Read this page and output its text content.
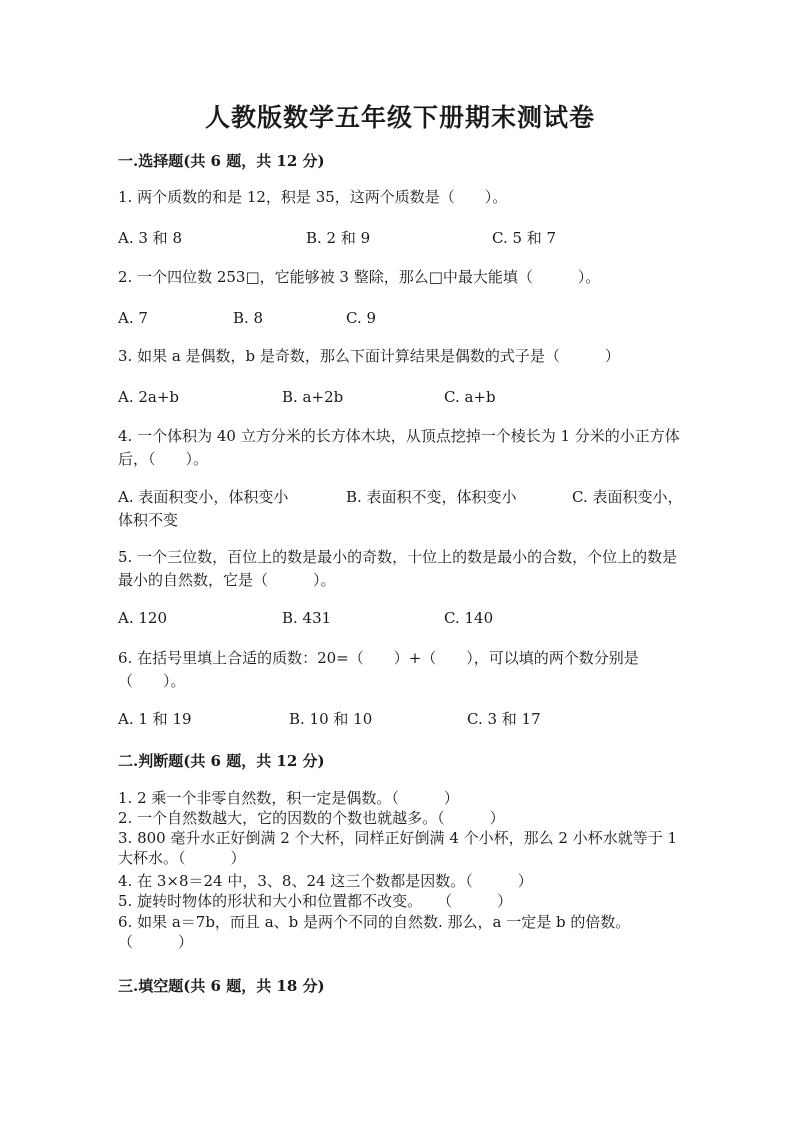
人教版数学五年级下册期末测试卷
一.选择题(共 6 题，共 12 分)
1. 两个质数的和是 12，积是 35，这两个质数是（　　）。
A. 3 和 8	B. 2 和 9	C. 5 和 7
2. 一个四位数 253□，它能够被 3 整除，那么□中最大能填（　　　）。
A. 7	B. 8	C. 9
3. 如果 a 是偶数，b 是奇数，那么下面计算结果是偶数的式子是（　　　）
A. 2a+b	B. a+2b	C. a+b
4. 一个体积为 40 立方分米的长方体木块，从顶点挖掉一个棱长为 1 分米的小正方体后，（　　）。
A. 表面积变小，体积变小	B. 表面积不变，体积变小	C. 表面积变小，体积不变
5. 一个三位数，百位上的数是最小的奇数，十位上的数是最小的合数，个位上的数是最小的自然数，它是（　　　）。
A. 120	B. 431	C. 140
6. 在括号里填上合适的质数：20=（　　）+（　　），可以填的两个数分别是（　　）。
A. 1 和 19	B. 10 和 10	C. 3 和 17
二.判断题(共 6 题，共 12 分)
1. 2 乘一个非零自然数，积一定是偶数。（　　　）
2. 一个自然数越大，它的因数的个数也就越多。（　　　）
3. 800 毫升水正好倒满 2 个大杯，同样正好倒满 4 个小杯，那么 2 小杯水就等于 1 大杯水。（　　　）
4. 在 3×8＝24 中，3、8、24 这三个数都是因数。（　　　）
5. 旋转时物体的形状和大小和位置都不改变。　　（　　　）
6. 如果 a＝7b，而且 a、b 是两个不同的自然数. 那么，a 一定是 b 的倍数。（　　　）
三.填空题(共 6 题，共 18 分)
